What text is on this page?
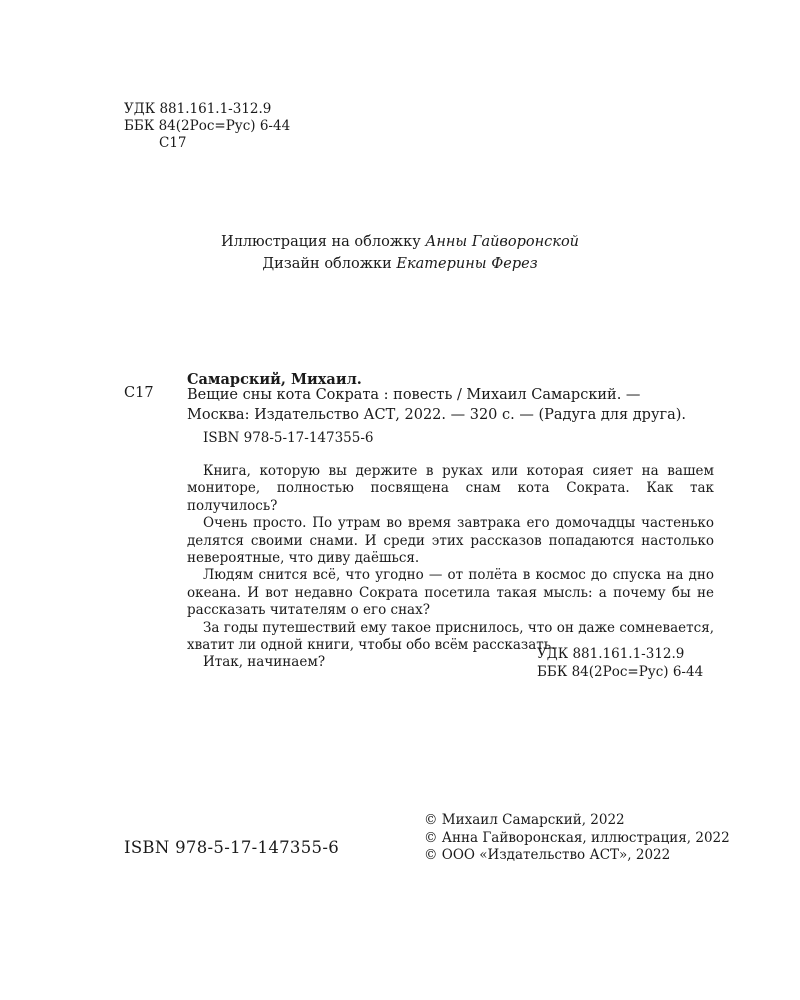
УДК 881.161.1-312.9
ББК 84(2Рос=Рус) 6-44
С17
Иллюстрация на обложку Анны Гайворонской
Дизайн обложки Екатерины Ферез
Самарский, Михаил.
С17 Вещие сны кота Сократа : повесть / Михаил Самарский. —
Москва: Издательство АСТ, 2022. — 320 с. — (Радуга для друга).
ISBN 978-5-17-147355-6

Книга, которую вы держите в руках или которая сияет на вашем мониторе, полностью посвящена снам кота Сократа. Как так получилось?

Очень просто. По утрам во время завтрака его домочадцы частенько делятся своими снами. И среди этих рассказов попадаются настолько невероятные, что диву даёшься.

Людям снится всё, что угодно — от полёта в космос до спуска на дно океана. И вот недавно Сократа посетила такая мысль: а почему бы не рассказать читателям о его снах?

За годы путешествий ему такое приснилось, что он даже сомневается, хватит ли одной книги, чтобы обо всём рассказать.

Итак, начинаем?

УДК 881.161.1-312.9
ББК 84(2Рос=Рус) 6-44
ISBN 978-5-17-147355-6
© Михаил Самарский, 2022
© Анна Гайворонская, иллюстрация, 2022
© ООО «Издательство АСТ», 2022
